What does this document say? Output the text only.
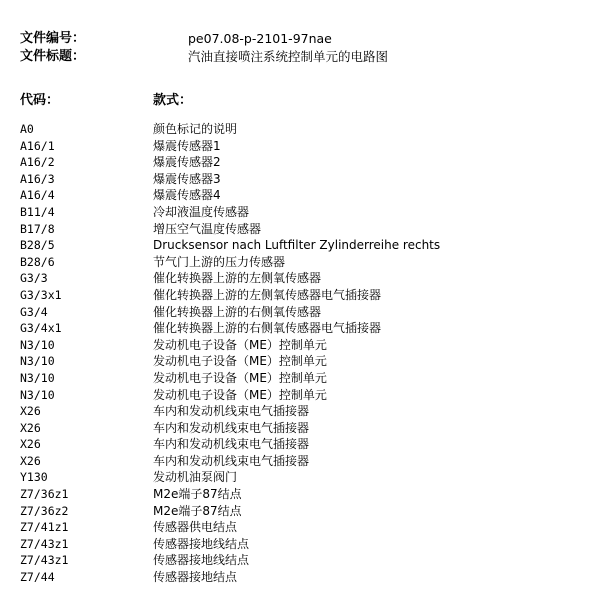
文件编号：	pe07.08-p-2101-97nae
文件标题：	汽油直接喷注系统控制单元的电路图
代码：	款式：
A0	颜色标记的说明
A16/1	爆震传感器1
A16/2	爆震传感器2
A16/3	爆震传感器3
A16/4	爆震传感器4
B11/4	冷却液温度传感器
B17/8	增压空气温度传感器
B28/5	Drucksensor nach Luftfilter Zylinderreihe rechts
B28/6	节气门上游的压力传感器
G3/3	催化转换器上游的左侧氧传感器
G3/3x1	催化转换器上游的左侧氧传感器电气插接器
G3/4	催化转换器上游的右侧氧传感器
G3/4x1	催化转换器上游的右侧氧传感器电气插接器
N3/10	发动机电子设备（ME）控制单元
N3/10	发动机电子设备（ME）控制单元
N3/10	发动机电子设备（ME）控制单元
N3/10	发动机电子设备（ME）控制单元
X26	车内和发动机线束电气插接器
X26	车内和发动机线束电气插接器
X26	车内和发动机线束电气插接器
X26	车内和发动机线束电气插接器
Y130	发动机油泵阀门
Z7/36z1	M2e端子87结点
Z7/36z2	M2e端子87结点
Z7/41z1	传感器供电结点
Z7/43z1	传感器接地线结点
Z7/43z1	传感器接地线结点
Z7/44	传感器接地结点
